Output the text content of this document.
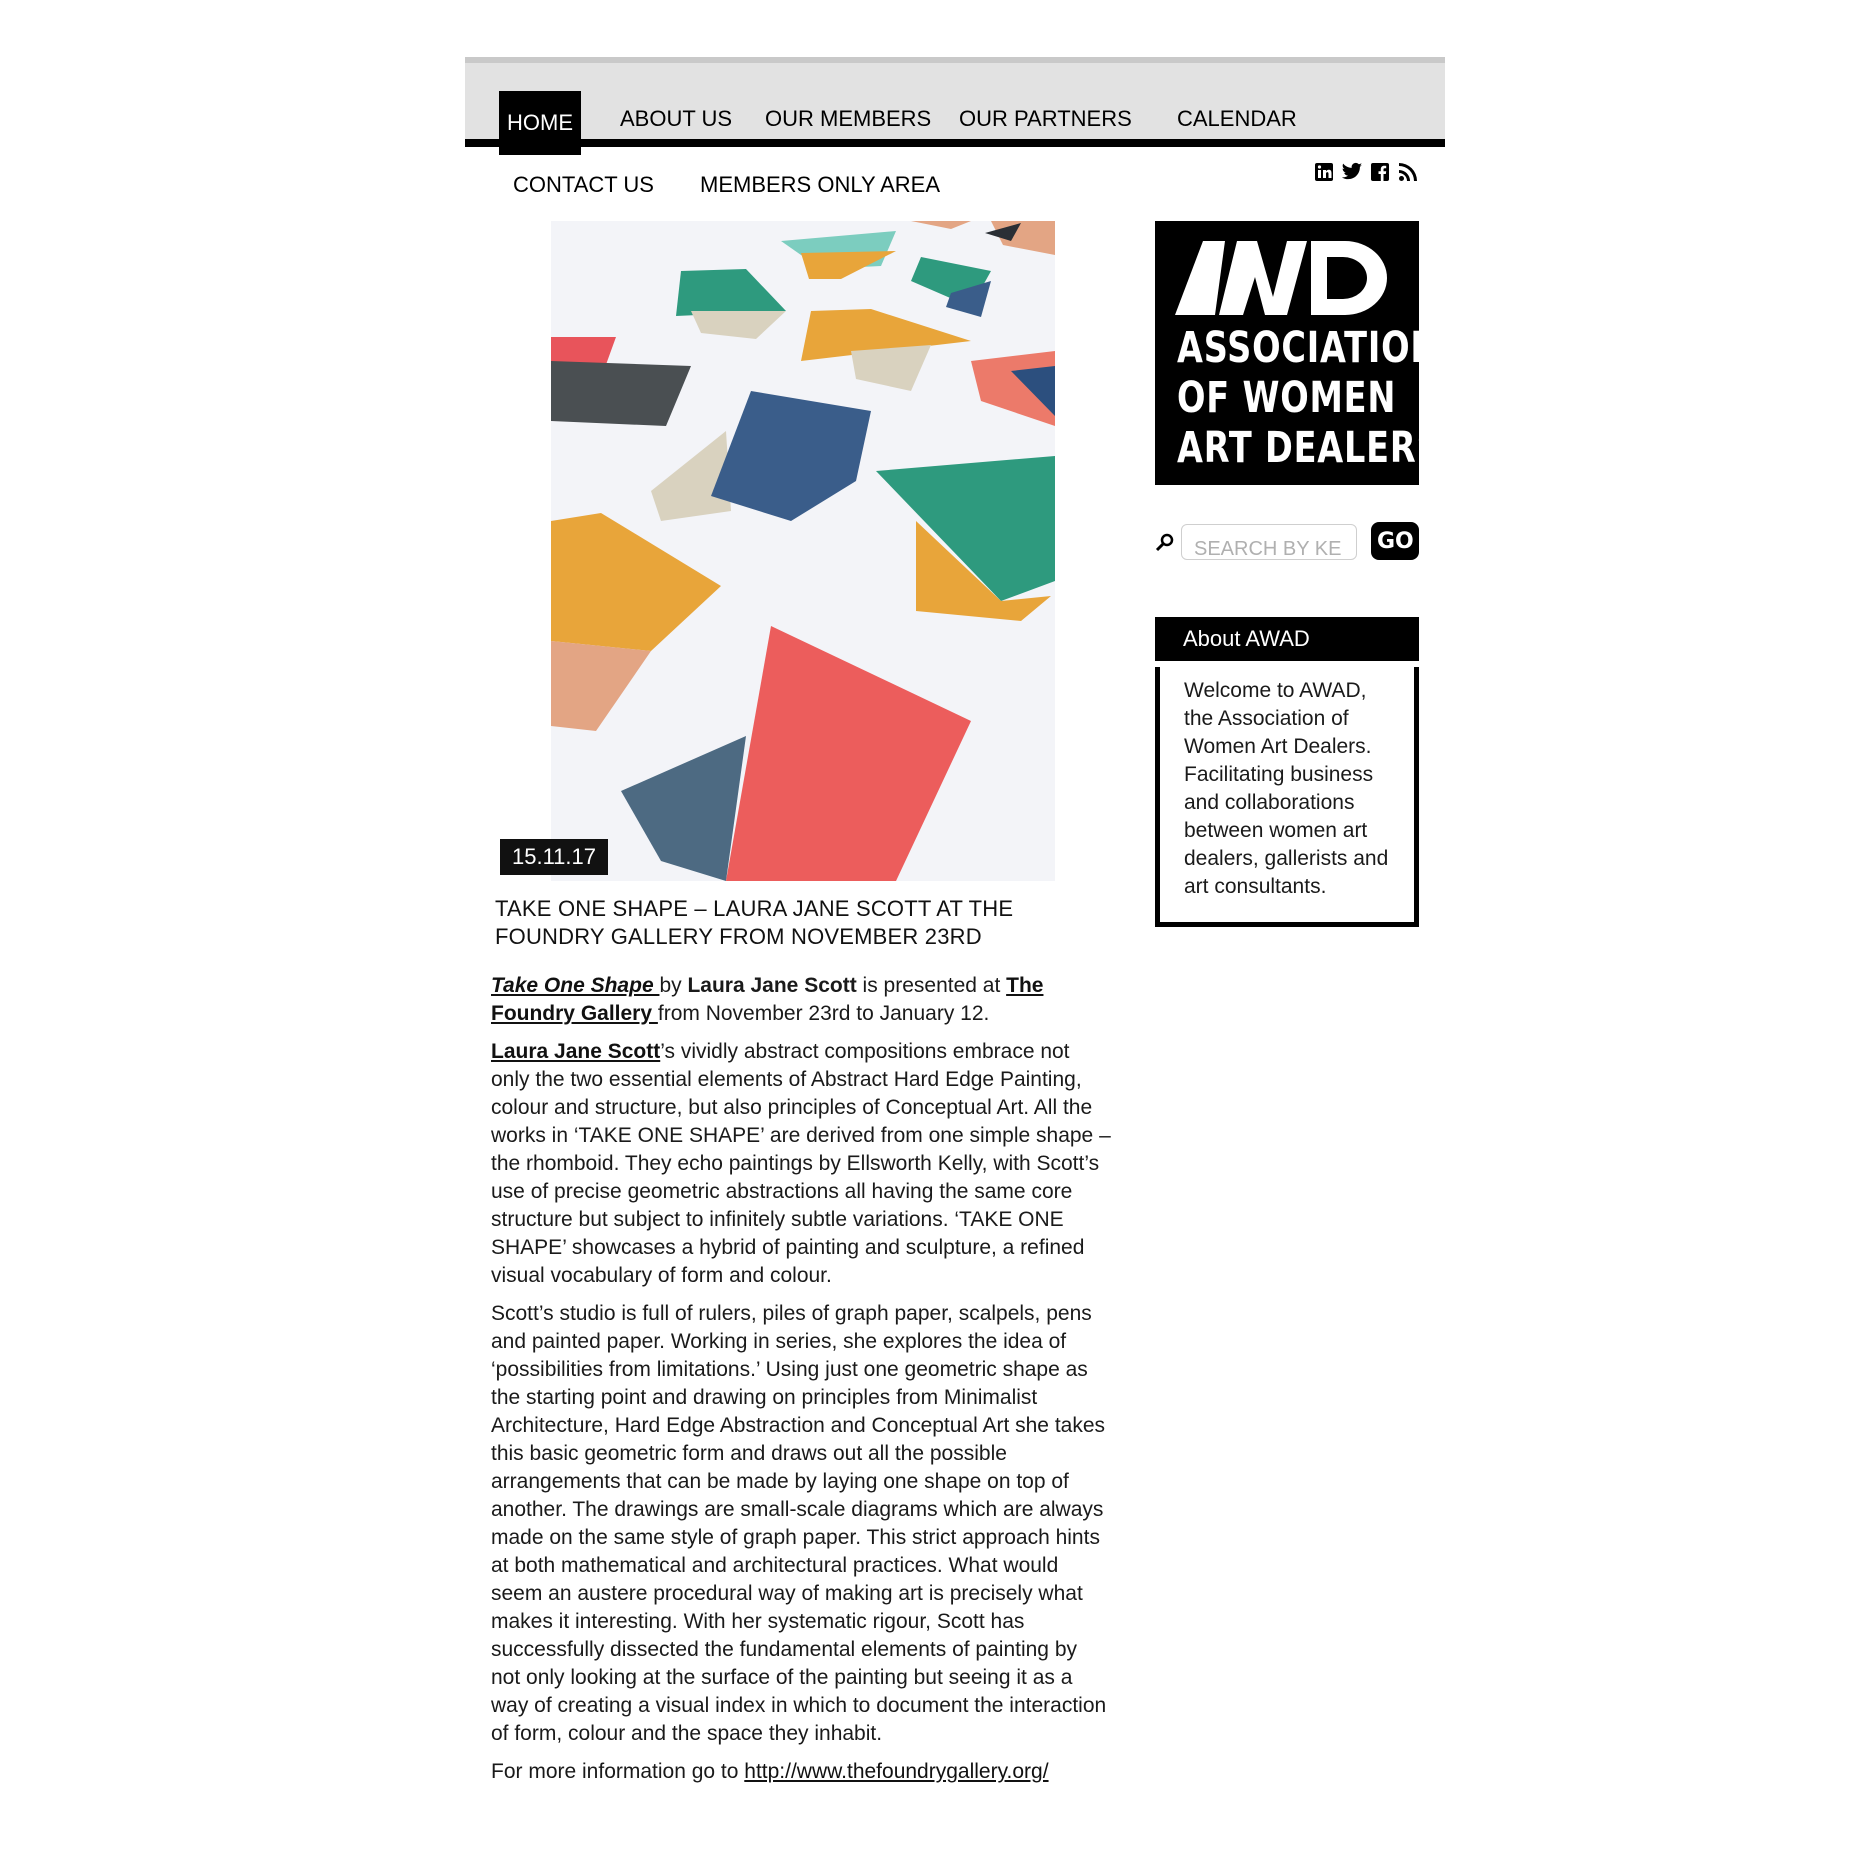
HOME	ABOUT US	OUR MEMBERS	OUR PARTNERS	CALENDAR
CONTACT US MEMBERS ONLY AREA
15.11.17
TAKE ONE SHAPE – LAURA JANE SCOTT AT THE FOUNDRY GALLERY FROM NOVEMBER 23RD

Take One Shape by Laura Jane Scott is presented at The Foundry Gallery from November 23rd to January 12.

Laura Jane Scott’s vividly abstract compositions embrace not only the two essential elements of Abstract Hard Edge Painting, colour and structure, but also principles of Conceptual Art. All the works in ‘TAKE ONE SHAPE’ are derived from one simple shape – the rhomboid. They echo paintings by Ellsworth Kelly, with Scott’s use of precise geometric abstractions all having the same core structure but subject to infinitely subtle variations. ‘TAKE ONE SHAPE’ showcases a hybrid of painting and sculpture, a refined visual vocabulary of form and colour.

Scott’s studio is full of rulers, piles of graph paper, scalpels, pens and painted paper. Working in series, she explores the idea of ‘possibilities from limitations.’ Using just one geometric shape as the starting point and drawing on principles from Minimalist Architecture, Hard Edge Abstraction and Conceptual Art she takes this basic geometric form and draws out all the possible arrangements that can be made by laying one shape on top of another. The drawings are small-scale diagrams which are always made on the same style of graph paper. This strict approach hints at both mathematical and architectural practices. What would seem an austere procedural way of making art is precisely what makes it interesting. With her systematic rigour, Scott has successfully dissected the fundamental elements of painting by not only looking at the surface of the painting but seeing it as a way of creating a visual index in which to document the interaction of form, colour and the space they inhabit.

For more information go to http://www.thefoundrygallery.org/

ASSOCIATION
OF WOMEN
ART DEALERS
SEARCH BY KE
GO
About AWAD
Welcome to AWAD, the Association of Women Art Dealers. Facilitating business and collaborations between women art dealers, gallerists and art consultants.
